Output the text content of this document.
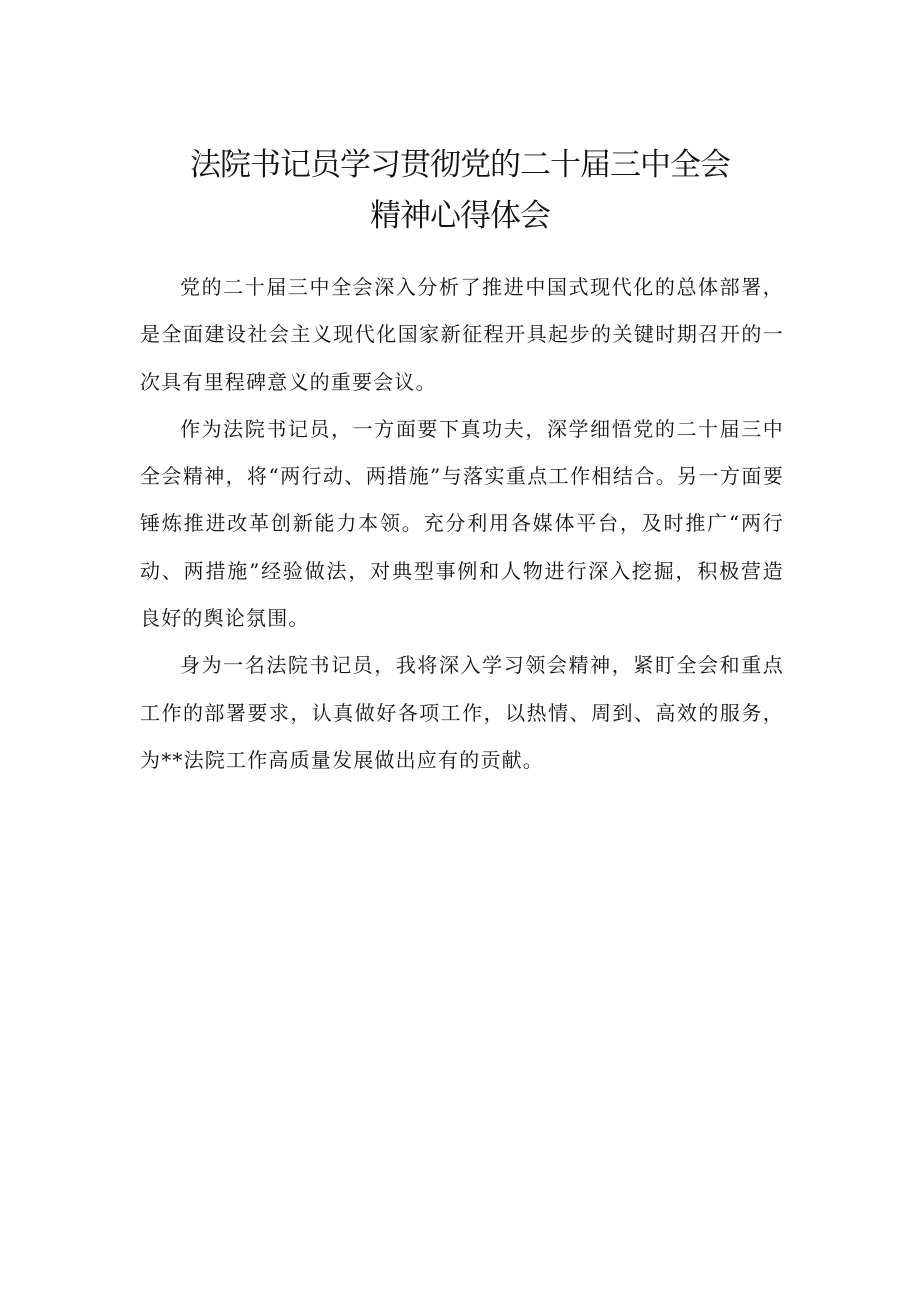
法院书记员学习贯彻党的二十届三中全会
精神心得体会

党的二十届三中全会深入分析了推进中国式现代化的总体部署，是全面建设社会主义现代化国家新征程开具起步的关键时期召开的一次具有里程碑意义的重要会议。

作为法院书记员，一方面要下真功夫，深学细悟党的二十届三中全会精神，将“两行动、两措施”与落实重点工作相结合。另一方面要锤炼推进改革创新能力本领。充分利用各媒体平台，及时推广“两行动、两措施”经验做法，对典型事例和人物进行深入挖掘，积极营造良好的舆论氛围。

身为一名法院书记员，我将深入学习领会精神，紧盯全会和重点工作的部署要求，认真做好各项工作，以热情、周到、高效的服务，为**法院工作高质量发展做出应有的贡献。
